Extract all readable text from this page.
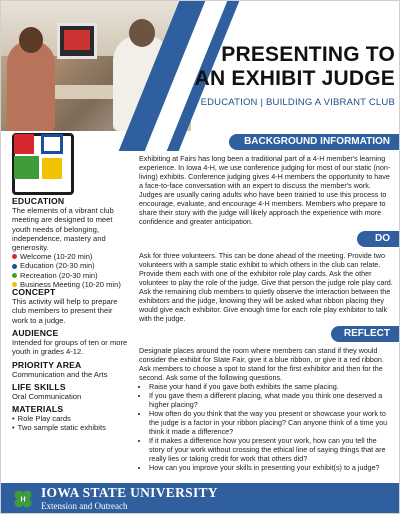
PRESENTING TO AN EXHIBIT JUDGE
EDUCATION | BUILDING A VIBRANT CLUB

EDUCATION

The elements of a vibrant club meeting are designed to meet youth needs of belonging, independence, mastery and generosity.
Welcome (10-20 min)
Education (20-30 min)
Recreation (20-30 min)
Business Meeting (10-20 min)

CONCEPT

This activity will help to prepare club members to present their work to a judge.

AUDIENCE

Intended for groups of ten or more youth in grades 4-12.

PRIORITY AREA

Communication and the Arts

LIFE SKILLS

Oral Communication

MATERIALS

• Role Play cards
• Two sample static exhibits
BACKGROUND INFORMATION

Exhibiting at Fairs has long been a traditional part of a 4-H member's learning experience. In Iowa 4-H, we use conference judging for most of our static (non-living) exhibits. Conference judging gives 4-H members the opportunity to have a face-to-face conversation with an expert to discuss the member's work. Judges are usually caring adults who have been trained to use this process to encourage, evaluate, and encourage 4-H members. Members who prepare to share their story with the judge will likely approach the experience with more confidence and greater anticipation.

DO

Ask for three volunteers. This can be done ahead of the meeting. Provide two volunteers with a sample static exhibit to which others in the club can relate. Provide them each with one of the exhibitor role play cards. Ask the other volunteer to play the role of the judge. Give that person the judge role play card. Ask the remaining club members to quietly observe the interaction between the exhibitors and the judge, knowing they will be asked what ribbon placing they would give each exhibitor. Give enough time for each role play exhibitor to talk with the judge.

REFLECT

Designate places around the room where members can stand if they would consider the exhibit for State Fair, give it a blue ribbon, or give it a red ribbon. Ask members to choose a spot to stand for the first exhibitor and then for the second. Ask some of the following questions.

• Raise your hand if you gave both exhibits the same placing.
• If you gave them a different placing, what made you think one deserved a higher placing?
• How often do you think that the way you present or showcase your work to the judge is a factor in your ribbon placing? Can anyone think of a time you think it made a difference?
• If it makes a difference how you present your work, how can you tell the story of your work without crossing the ethical line of saying things that are really lies or taking credit for work that others did?
• How can you improve your skills in presenting your exhibit(s) to a judge?
H IOWA STATE UNIVERSITY
Extension and Outreach
